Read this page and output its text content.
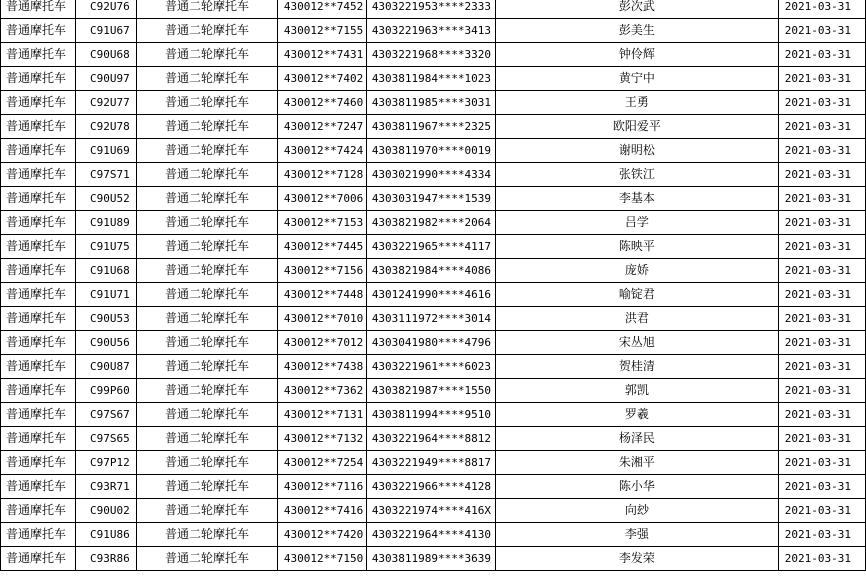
普通摩托车	C92U76	普通二轮摩托车	430012**7452	4303221953****2333	彭次武	2021-03-31
普通摩托车	C91U67	普通二轮摩托车	430012**7155	4303221963****3413	彭美生	2021-03-31
普通摩托车	C90U68	普通二轮摩托车	430012**7431	4303221968****3320	钟伶辉	2021-03-31
普通摩托车	C90U97	普通二轮摩托车	430012**7402	4303811984****1023	黄宁中	2021-03-31
普通摩托车	C92U77	普通二轮摩托车	430012**7460	4303811985****3031	王勇	2021-03-31
普通摩托车	C92U78	普通二轮摩托车	430012**7247	4303811967****2325	欧阳爱平	2021-03-31
普通摩托车	C91U69	普通二轮摩托车	430012**7424	4303811970****0019	谢明松	2021-03-31
普通摩托车	C97S71	普通二轮摩托车	430012**7128	4303021990****4334	张铁江	2021-03-31
普通摩托车	C90U52	普通二轮摩托车	430012**7006	4303031947****1539	李基本	2021-03-31
普通摩托车	C91U89	普通二轮摩托车	430012**7153	4303821982****2064	吕学	2021-03-31
普通摩托车	C91U75	普通二轮摩托车	430012**7445	4303221965****4117	陈映平	2021-03-31
普通摩托车	C91U68	普通二轮摩托车	430012**7156	4303821984****4086	庞娇	2021-03-31
普通摩托车	C91U71	普通二轮摩托车	430012**7448	4301241990****4616	喻锭君	2021-03-31
普通摩托车	C90U53	普通二轮摩托车	430012**7010	4303111972****3014	洪君	2021-03-31
普通摩托车	C90U56	普通二轮摩托车	430012**7012	4303041980****4796	宋丛旭	2021-03-31
普通摩托车	C90U87	普通二轮摩托车	430012**7438	4303221961****6023	贺桂清	2021-03-31
普通摩托车	C99P60	普通二轮摩托车	430012**7362	4303821987****1550	郭凯	2021-03-31
普通摩托车	C97S67	普通二轮摩托车	430012**7131	4303811994****9510	罗羲	2021-03-31
普通摩托车	C97S65	普通二轮摩托车	430012**7132	4303221964****8812	杨泽民	2021-03-31
普通摩托车	C97P12	普通二轮摩托车	430012**7254	4303221949****8817	朱湘平	2021-03-31
普通摩托车	C93R71	普通二轮摩托车	430012**7116	4303221966****4128	陈小华	2021-03-31
普通摩托车	C90U02	普通二轮摩托车	430012**7416	4303221974****416X	向玅	2021-03-31
普通摩托车	C91U86	普通二轮摩托车	430012**7420	4303221964****4130	李强	2021-03-31
普通摩托车	C93R86	普通二轮摩托车	430012**7150	4303811989****3639	李发荣	2021-03-31
